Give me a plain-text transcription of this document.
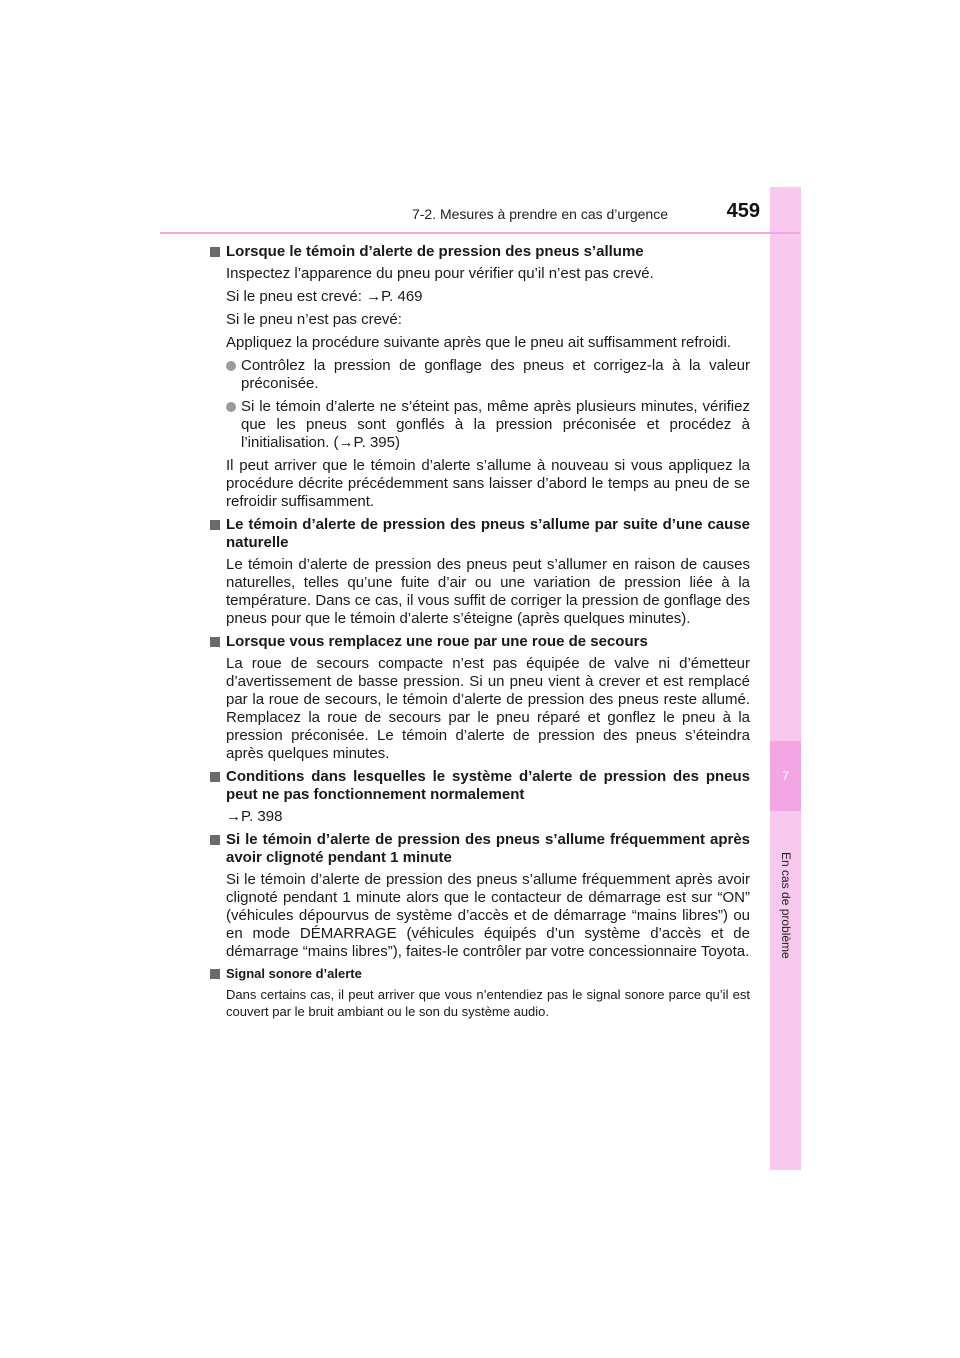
7
En cas de problème
7-2. Mesures à prendre en cas d’urgence	459
Lorsque le témoin d’alerte de pression des pneus s’allume

Inspectez l’apparence du pneu pour vérifier qu’il n’est pas crevé.

Si le pneu est crevé: →P. 469

Si le pneu n’est pas crevé:

Appliquez la procédure suivante après que le pneu ait suffisamment refroidi.

Contrôlez la pression de gonflage des pneus et corrigez-la à la valeur préconisée.
Si le témoin d’alerte ne s’éteint pas, même après plusieurs minutes, vérifiez que les pneus sont gonflés à la pression préconisée et procédez à l’initialisation. (→P. 395)

Il peut arriver que le témoin d’alerte s’allume à nouveau si vous appliquez la procédure décrite précédemment sans laisser d’abord le temps au pneu de se refroidir suffisamment.

Le témoin d’alerte de pression des pneus s’allume par suite d’une cause naturelle

Le témoin d’alerte de pression des pneus peut s’allumer en raison de causes naturelles, telles qu’une fuite d’air ou une variation de pression liée à la température. Dans ce cas, il vous suffit de corriger la pression de gonflage des pneus pour que le témoin d’alerte s’éteigne (après quelques minutes).

Lorsque vous remplacez une roue par une roue de secours

La roue de secours compacte n’est pas équipée de valve ni d’émetteur d’avertissement de basse pression. Si un pneu vient à crever et est remplacé par la roue de secours, le témoin d’alerte de pression des pneus reste allumé. Remplacez la roue de secours par le pneu réparé et gonflez le pneu à la pression préconisée. Le témoin d’alerte de pression des pneus s’éteindra après quelques minutes.

Conditions dans lesquelles le système d’alerte de pression des pneus peut ne pas fonctionnement normalement

→P. 398

Si le témoin d’alerte de pression des pneus s’allume fréquemment après avoir clignoté pendant 1 minute

Si le témoin d’alerte de pression des pneus s’allume fréquemment après avoir clignoté pendant 1 minute alors que le contacteur de démarrage est sur “ON” (véhicules dépourvus de système d’accès et de démarrage “mains libres”) ou en mode DÉMARRAGE (véhicules équipés d’un système d’accès et de démarrage “mains libres”), faites-le contrôler par votre concessionnaire Toyota.

Signal sonore d’alerte

Dans certains cas, il peut arriver que vous n’entendiez pas le signal sonore parce qu’il est couvert par le bruit ambiant ou le son du système audio.
